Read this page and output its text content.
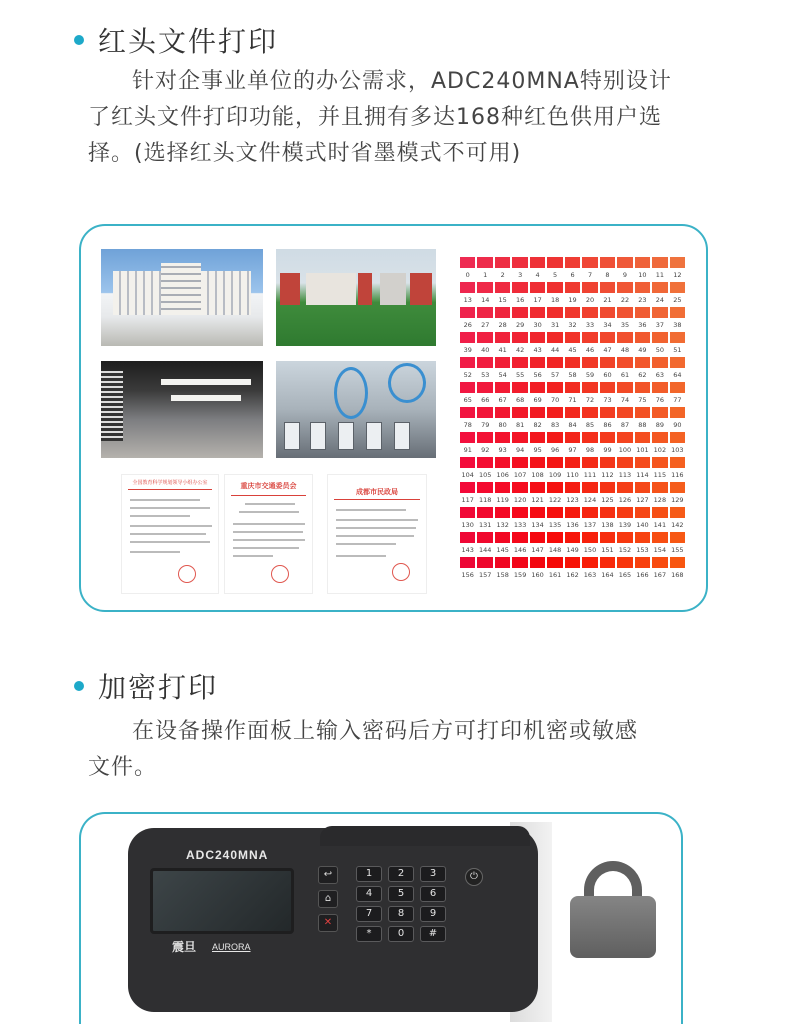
红头文件打印
针对企事业单位的办公需求，ADC240MNA特别设计
了红头文件打印功能，并且拥有多达168种红色供用户选
择。(选择红头文件模式时省墨模式不可用)
全国教育科学规划领导小组办公室	重庆市交通委员会
成都市民政局
0	1	2	3	4	5	6	7	8	9	10	11	12
13	14	15	16	17	18	19	20	21	22	23	24	25
26	27	28	29	30	31	32	33	34	35	36	37	38
39	40	41	42	43	44	45	46	47	48	49	50	51
52	53	54	55	56	57	58	59	60	61	62	63	64
65	66	67	68	69	70	71	72	73	74	75	76	77
78	79	80	81	82	83	84	85	86	87	88	89	90
91	92	93	94	95	96	97	98	99	100 101 102 103
104 105 106 107 108 109 110 111 112 113 114 115 116
117 118 119 120 121 122 123 124 125 126 127 128 129
130 131 132 133 134 135 136 137 138 139 140 141 142
143 144 145 146 147 148 149 150 151 152 153 154 155
156 157 158 159 160 161 162 163 164 165 166 167 168
加密打印
在设备操作面板上输入密码后方可打印机密或敏感
文件。
ADC240MNA
震旦 AURORA
↩
⌂
✕
1	2	3
4	5	6
7	8	9
*	0	#
⏻
